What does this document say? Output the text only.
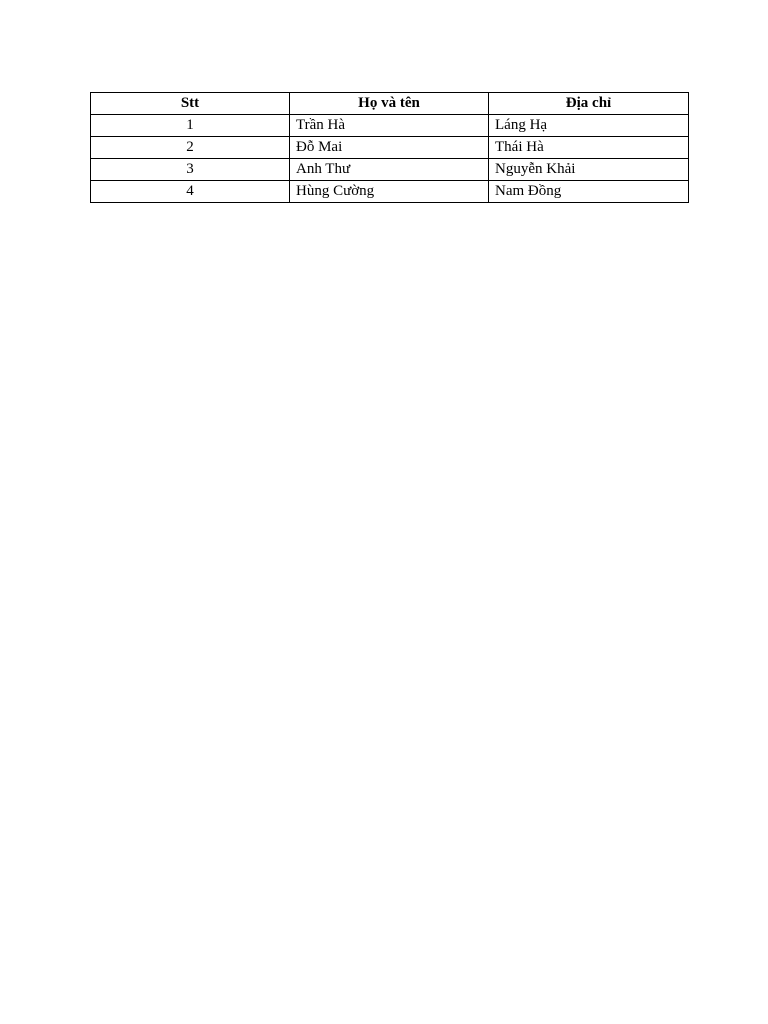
Stt	Họ và tên	Địa chỉ
1	Trần Hà	Láng Hạ
2	Đỗ Mai	Thái Hà
3	Anh Thư	Nguyễn Khải
4	Hùng Cường	Nam Đồng
